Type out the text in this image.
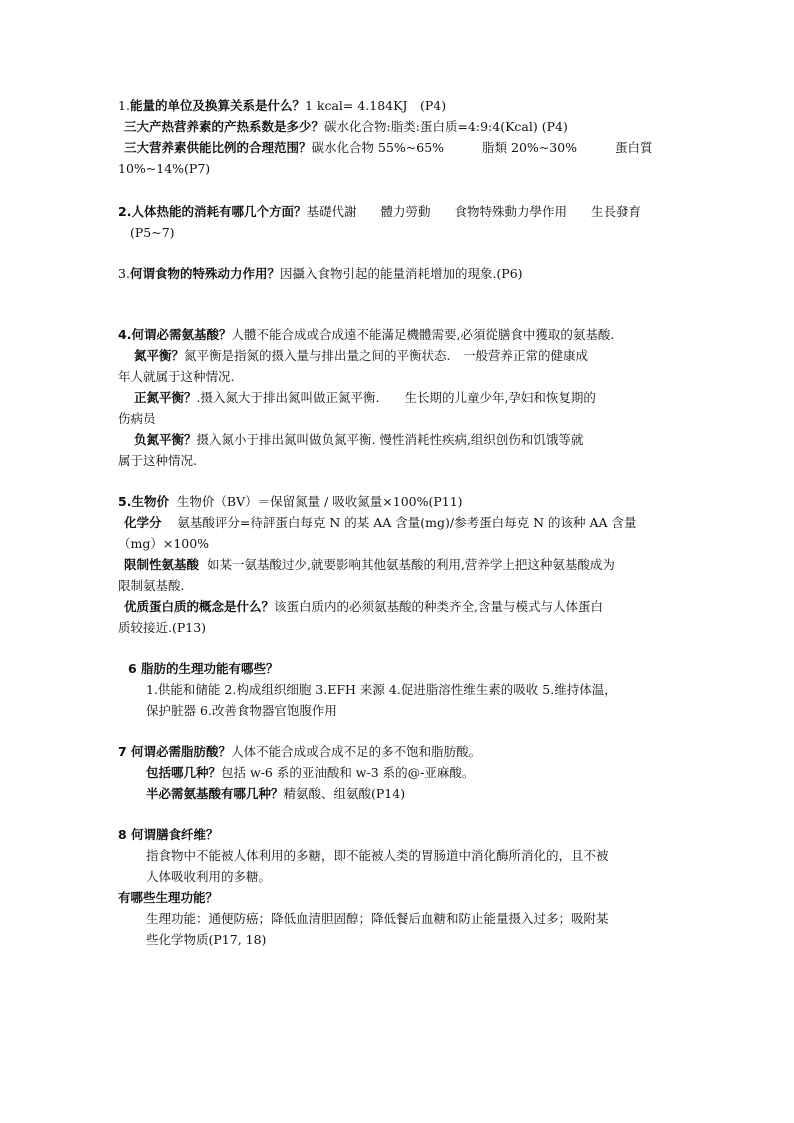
1.能量的单位及换算关系是什么？1 kcal= 4.184KJ　(P4)
三大产热营养素的产热系数是多少？碳水化合物:脂类:蛋白质=4:9:4(Kcal) (P4)
三大营养素供能比例的合理范围？碳水化合物 55%~65%	脂類 20%~30%	蛋白質
10%~14%(P7)
2.人体热能的消耗有哪几个方面？基礎代謝 體力勞動 食物特殊動力學作用 生長發育
(P5~7)
3.何谓食物的特殊动力作用？因攝入食物引起的能量消耗增加的現象.(P6)
4.何谓必需氨基酸？人體不能合成或合成遠不能滿足機體需要,必須從膳食中獲取的氨基酸.
氮平衡？氮平衡是指氮的摄入量与排出量之间的平衡状态.　一般营养正常的健康成
年人就属于这种情况.
正氮平衡？.摄入氮大于排出氮叫做正氮平衡.　　生长期的儿童少年,孕妇和恢复期的
伤病员
负氮平衡？摄入氮小于排出氮叫做负氮平衡. 慢性消耗性疾病,组织创伤和饥饿等就
属于这种情况.
5.生物价 生物价（BV）＝保留氮量 / 吸收氮量×100%(P11)
化学分 氨基酸评分=待評蛋白每克 N 的某 AA 含量(mg)/参考蛋白每克 N 的该种 AA 含量
（mg）×100%
限制性氨基酸 如某一氨基酸过少,就要影响其他氨基酸的利用,营养学上把这种氨基酸成为
限制氨基酸.
优质蛋白质的概念是什么？该蛋白质内的必须氨基酸的种类齐全,含量与模式与人体蛋白
质较接近.(P13)
6 脂肪的生理功能有哪些？
1.供能和储能 2.构成组织细胞 3.EFH 来源 4.促进脂溶性维生素的吸收 5.维持体温，
保护脏器 6.改善食物器官饱腹作用
7 何谓必需脂肪酸？人体不能合成或合成不足的多不饱和脂肪酸。
包括哪几种？包括 w-6 系的亚油酸和 w-3 系的@-亚麻酸。
半必需氨基酸有哪几种？精氨酸、组氨酸(P14)
8 何谓膳食纤维？
指食物中不能被人体利用的多糖，即不能被人类的胃肠道中消化酶所消化的，且不被
人体吸收利用的多糖。
有哪些生理功能？
生理功能：通便防癌；降低血清胆固醇；降低餐后血糖和防止能量摄入过多；吸附某
些化学物质(P17, 18)
